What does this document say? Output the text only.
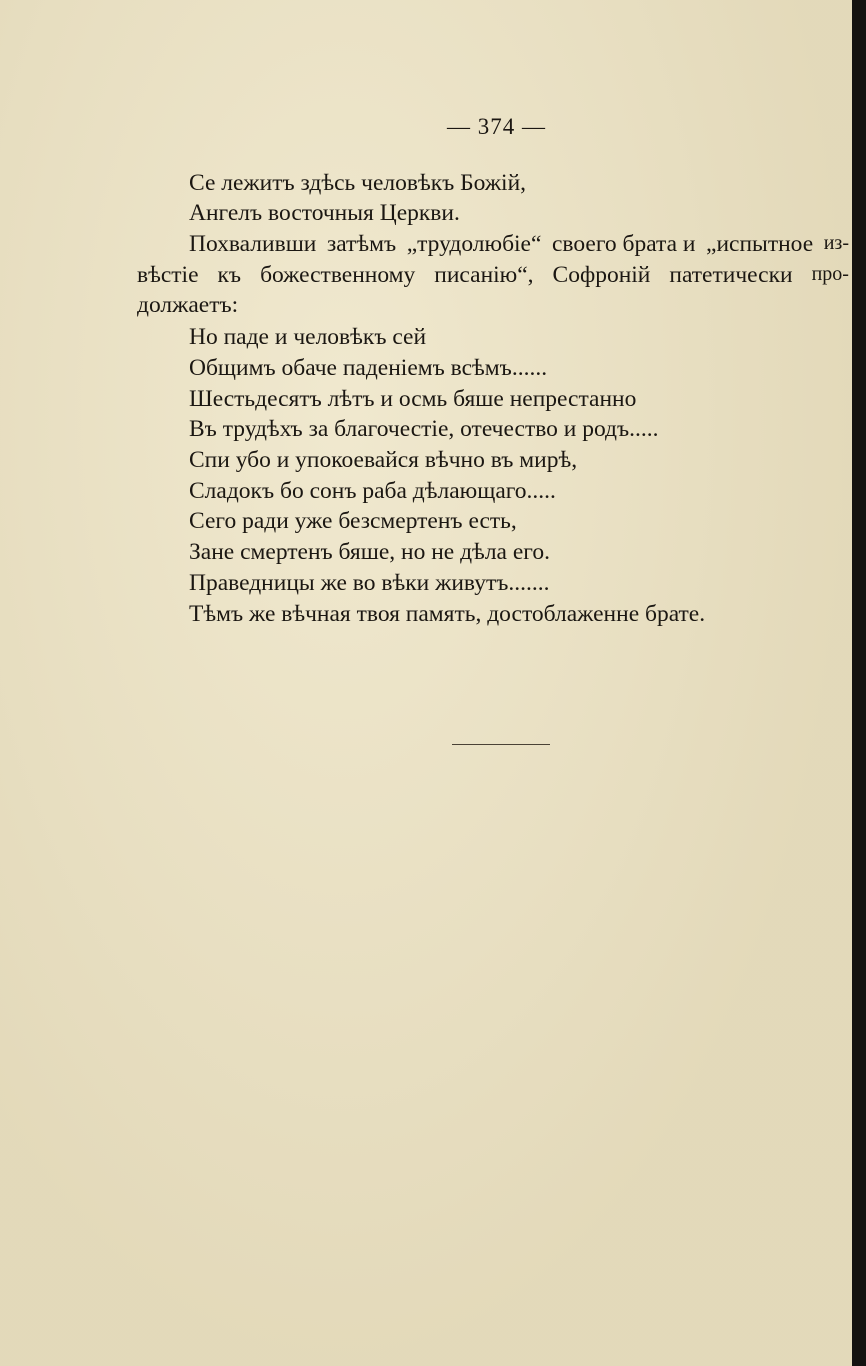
— 374 —
Се лежитъ здѣсь человѣкъ Божій,
Ангелъ восточныя Церкви.
Похваливши затѣмъ „трудолюбіе“ своего брата и „испытное из-
вѣстіе къ божественному писанію“, Софроній патетически про-
должаетъ:
Но паде и человѣкъ сей
Общимъ обаче паденіемъ всѣмъ......
Шестьдесятъ лѣтъ и осмь бяше непрестанно
Въ трудѣхъ за благочестіе, отечество и родъ.....
Спи убо и упокоевайся вѣчно въ мирѣ,
Сладокъ бо сонъ раба дѣлающаго.....
Сего ради уже безсмертенъ есть,
Зане смертенъ бяше, но не дѣла его.
Праведницы же во вѣки живутъ.......
Тѣмъ же вѣчная твоя память, достоблаженне брате.
